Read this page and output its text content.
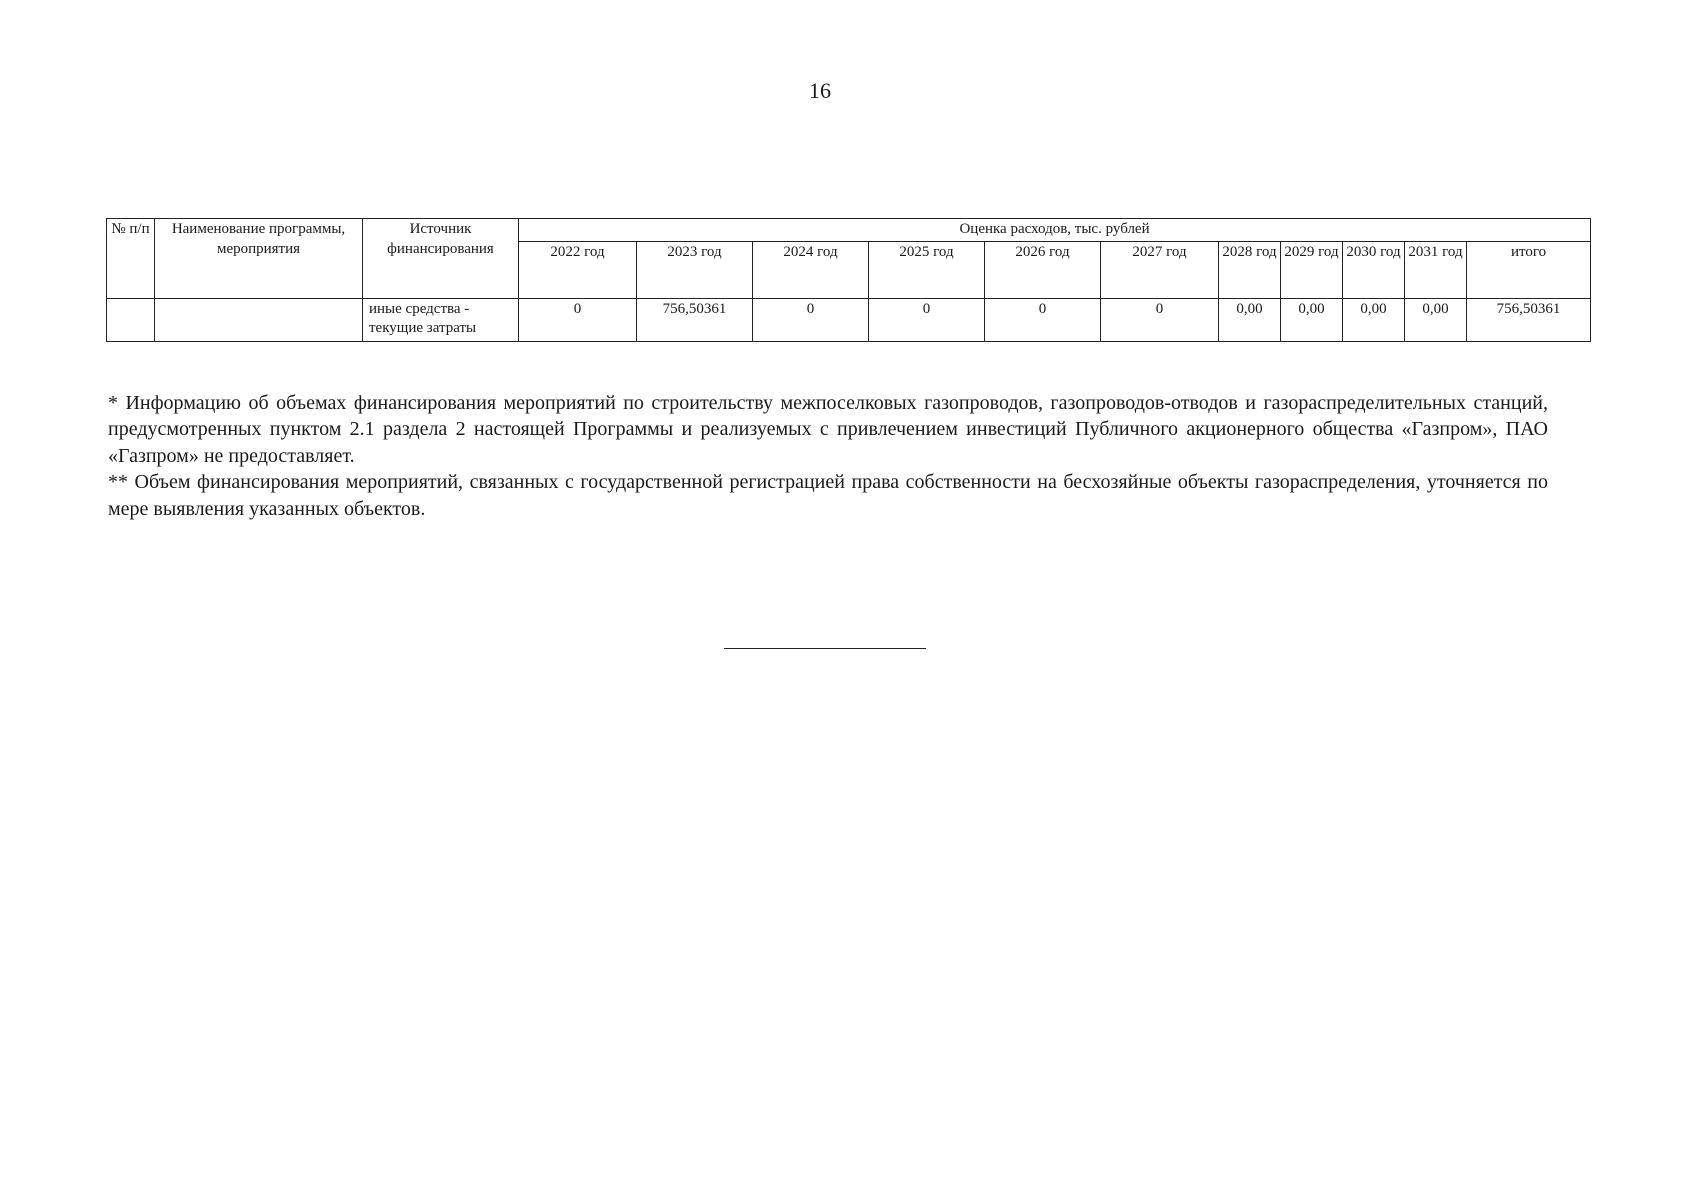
16
№ п/п	Наименование программы, мероприятия	Источник финансирования	Оценка расходов, тыс. рублей										
			2022 год	2023 год	2024 год	2025 год	2026 год	2027 год	2028 год	2029 год	2030 год	2031 год	итого
		иные средства - текущие затраты	0	756,50361	0	0	0	0	0,00	0,00	0,00	0,00	756,50361

* Информацию об объемах финансирования мероприятий по строительству межпоселковых газопроводов, газопроводов-отводов и газораспределительных станций, предусмотренных пунктом 2.1 раздела 2 настоящей Программы и реализуемых с привлечением инвестиций Публичного акционерного общества «Газпром», ПАО «Газпром» не предоставляет.

** Объем финансирования мероприятий, связанных с государственной регистрацией права собственности на бесхозяйные объекты газораспределения, уточняется по мере выявления указанных объектов.
